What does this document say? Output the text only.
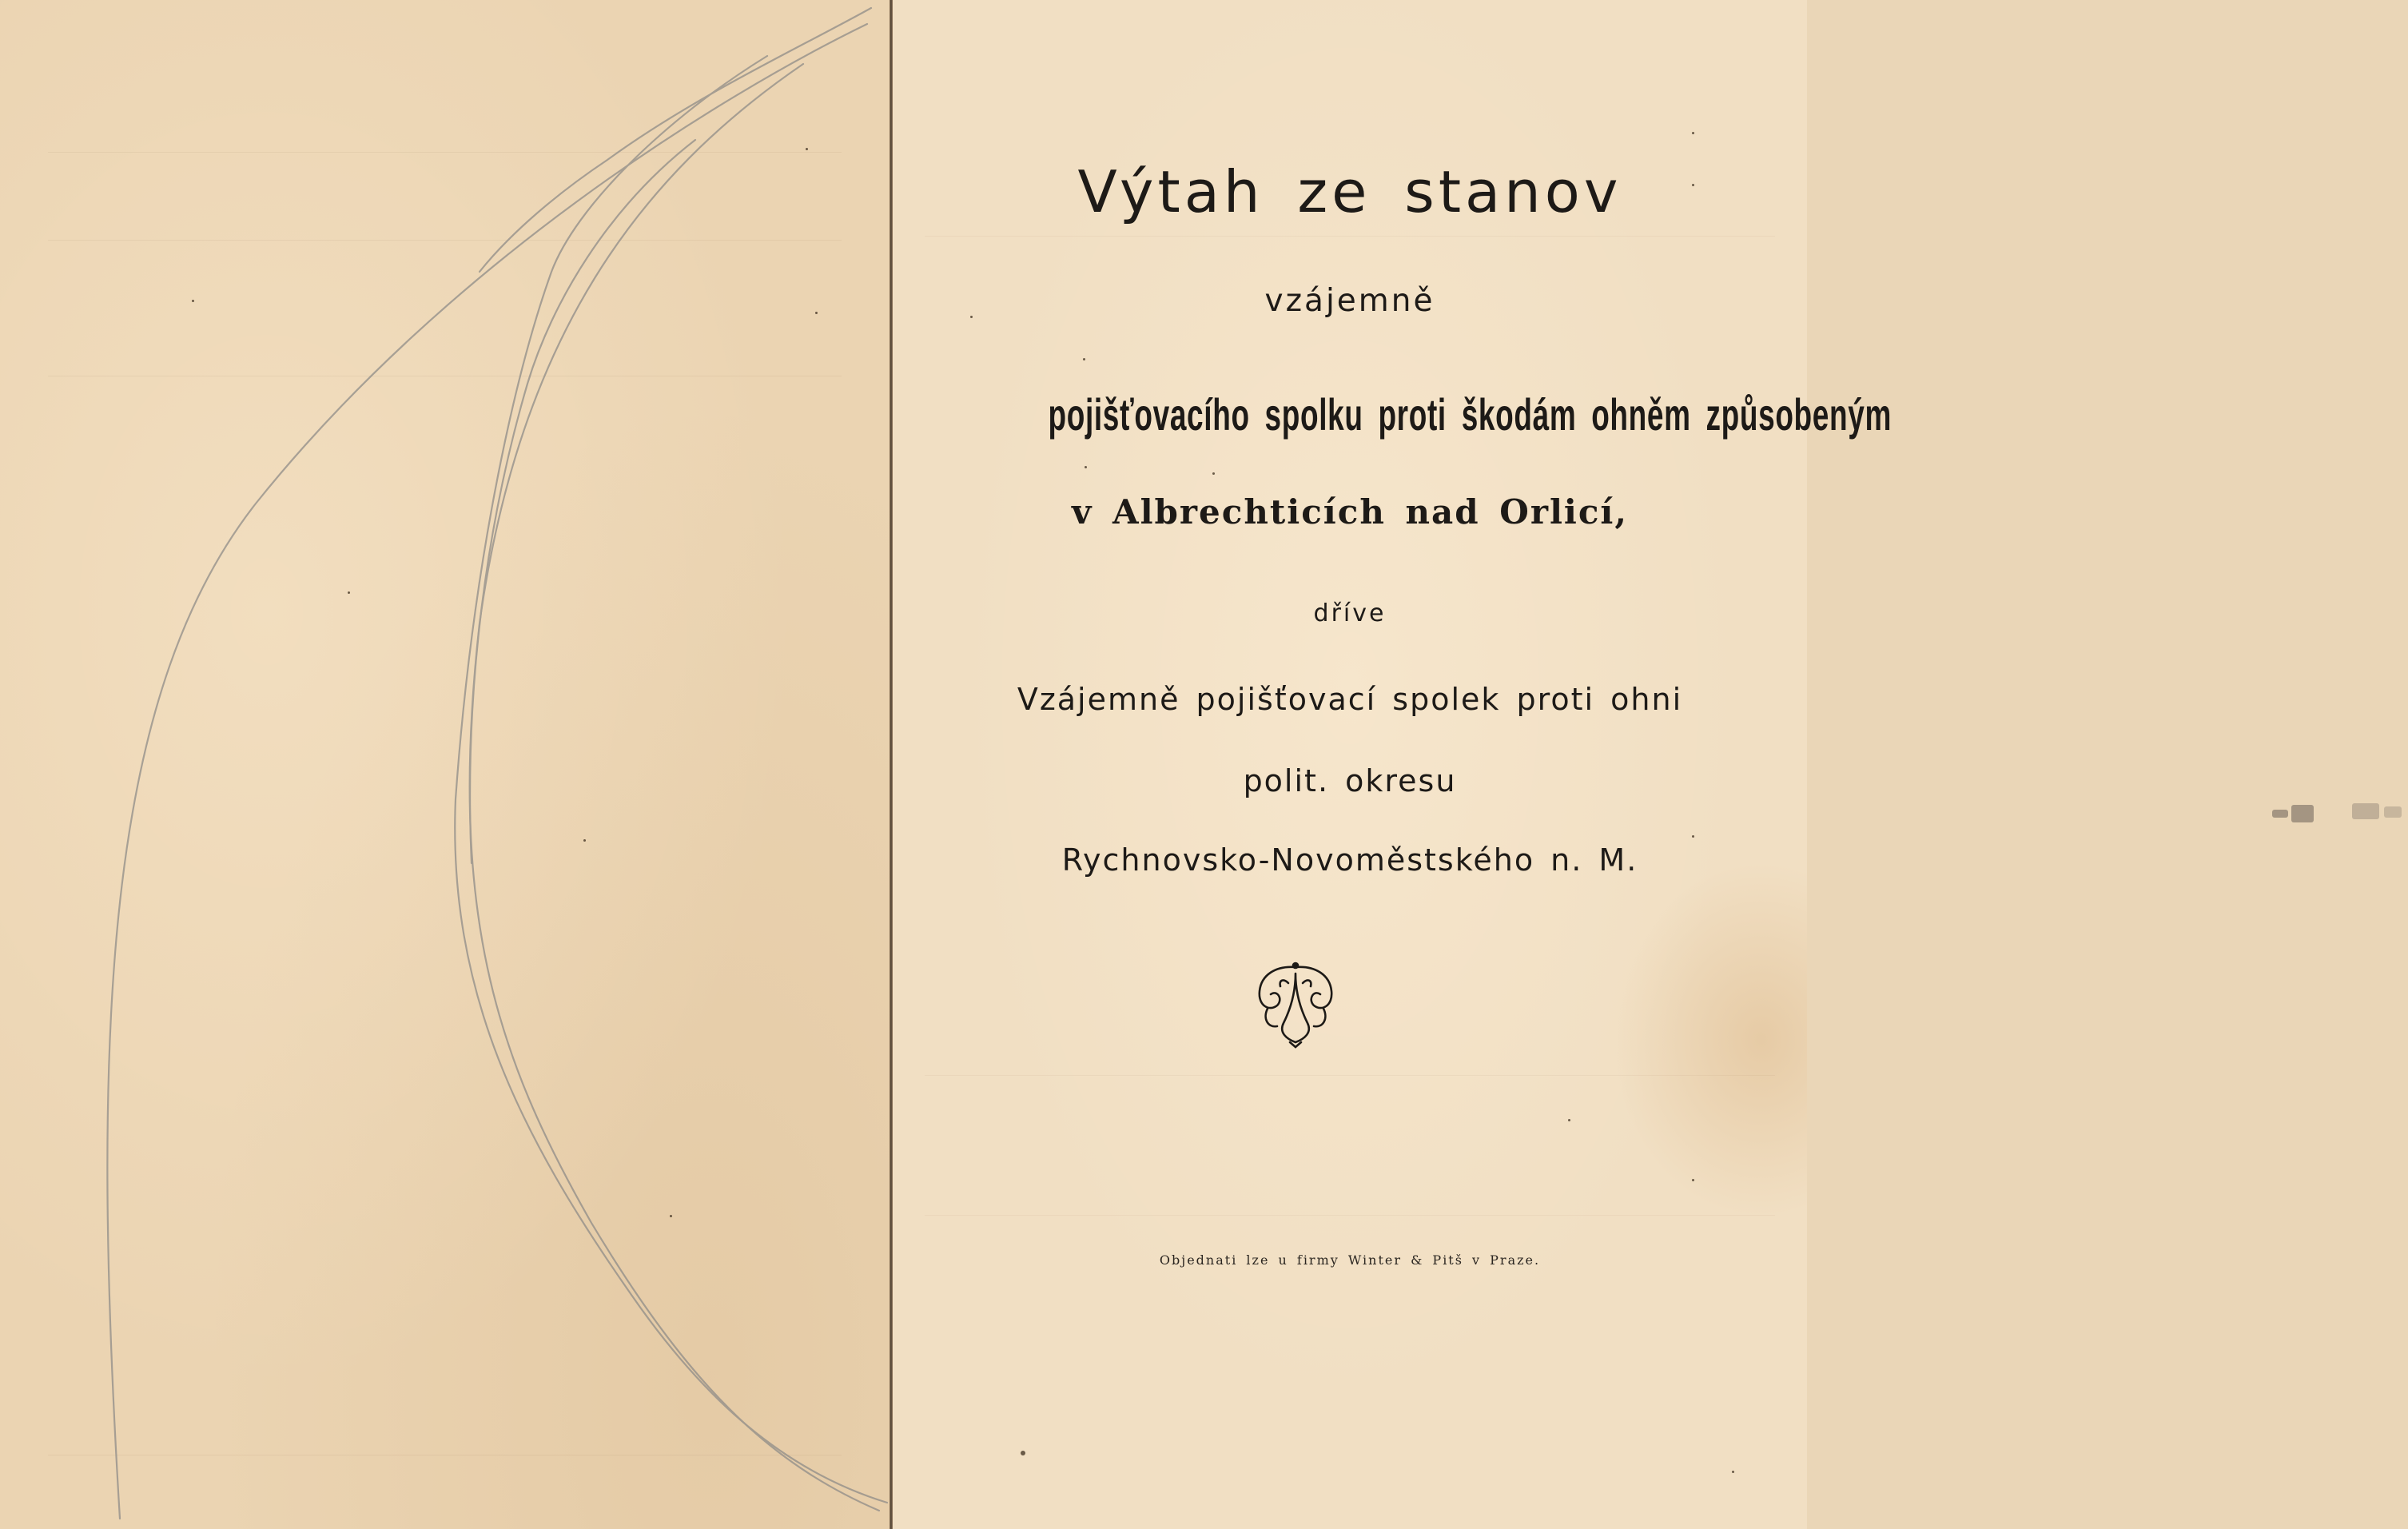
Výtah ze stanov
vzájemně
pojišťovacího spolku proti škodám ohněm způsobeným
v Albrechticích nad Orlicí,
dříve
Vzájemně pojišťovací spolek proti ohni
polit. okresu
Rychnovsko-Novoměstského n. M.
Objednati lze u firmy Winter & Pitš v Praze.
